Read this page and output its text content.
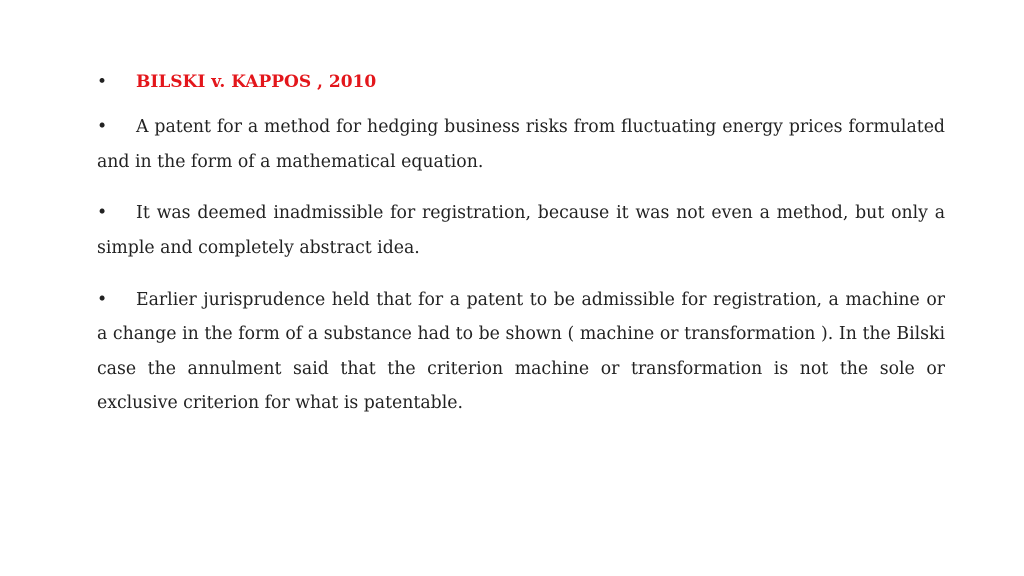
• BILSKI v. KAPPOS , 2010

• A patent for a method for hedging business risks from fluctuating energy prices formulated and in the form of a mathematical equation.

• It was deemed inadmissible for registration, because it was not even a method, but only a simple and completely abstract idea.

• Earlier jurisprudence held that for a patent to be admissible for registration, a machine or a change in the form of a substance had to be shown ( machine or transformation ). In the Bilski case the annulment said that the criterion machine or transformation is not the sole or exclusive criterion for what is patentable.
